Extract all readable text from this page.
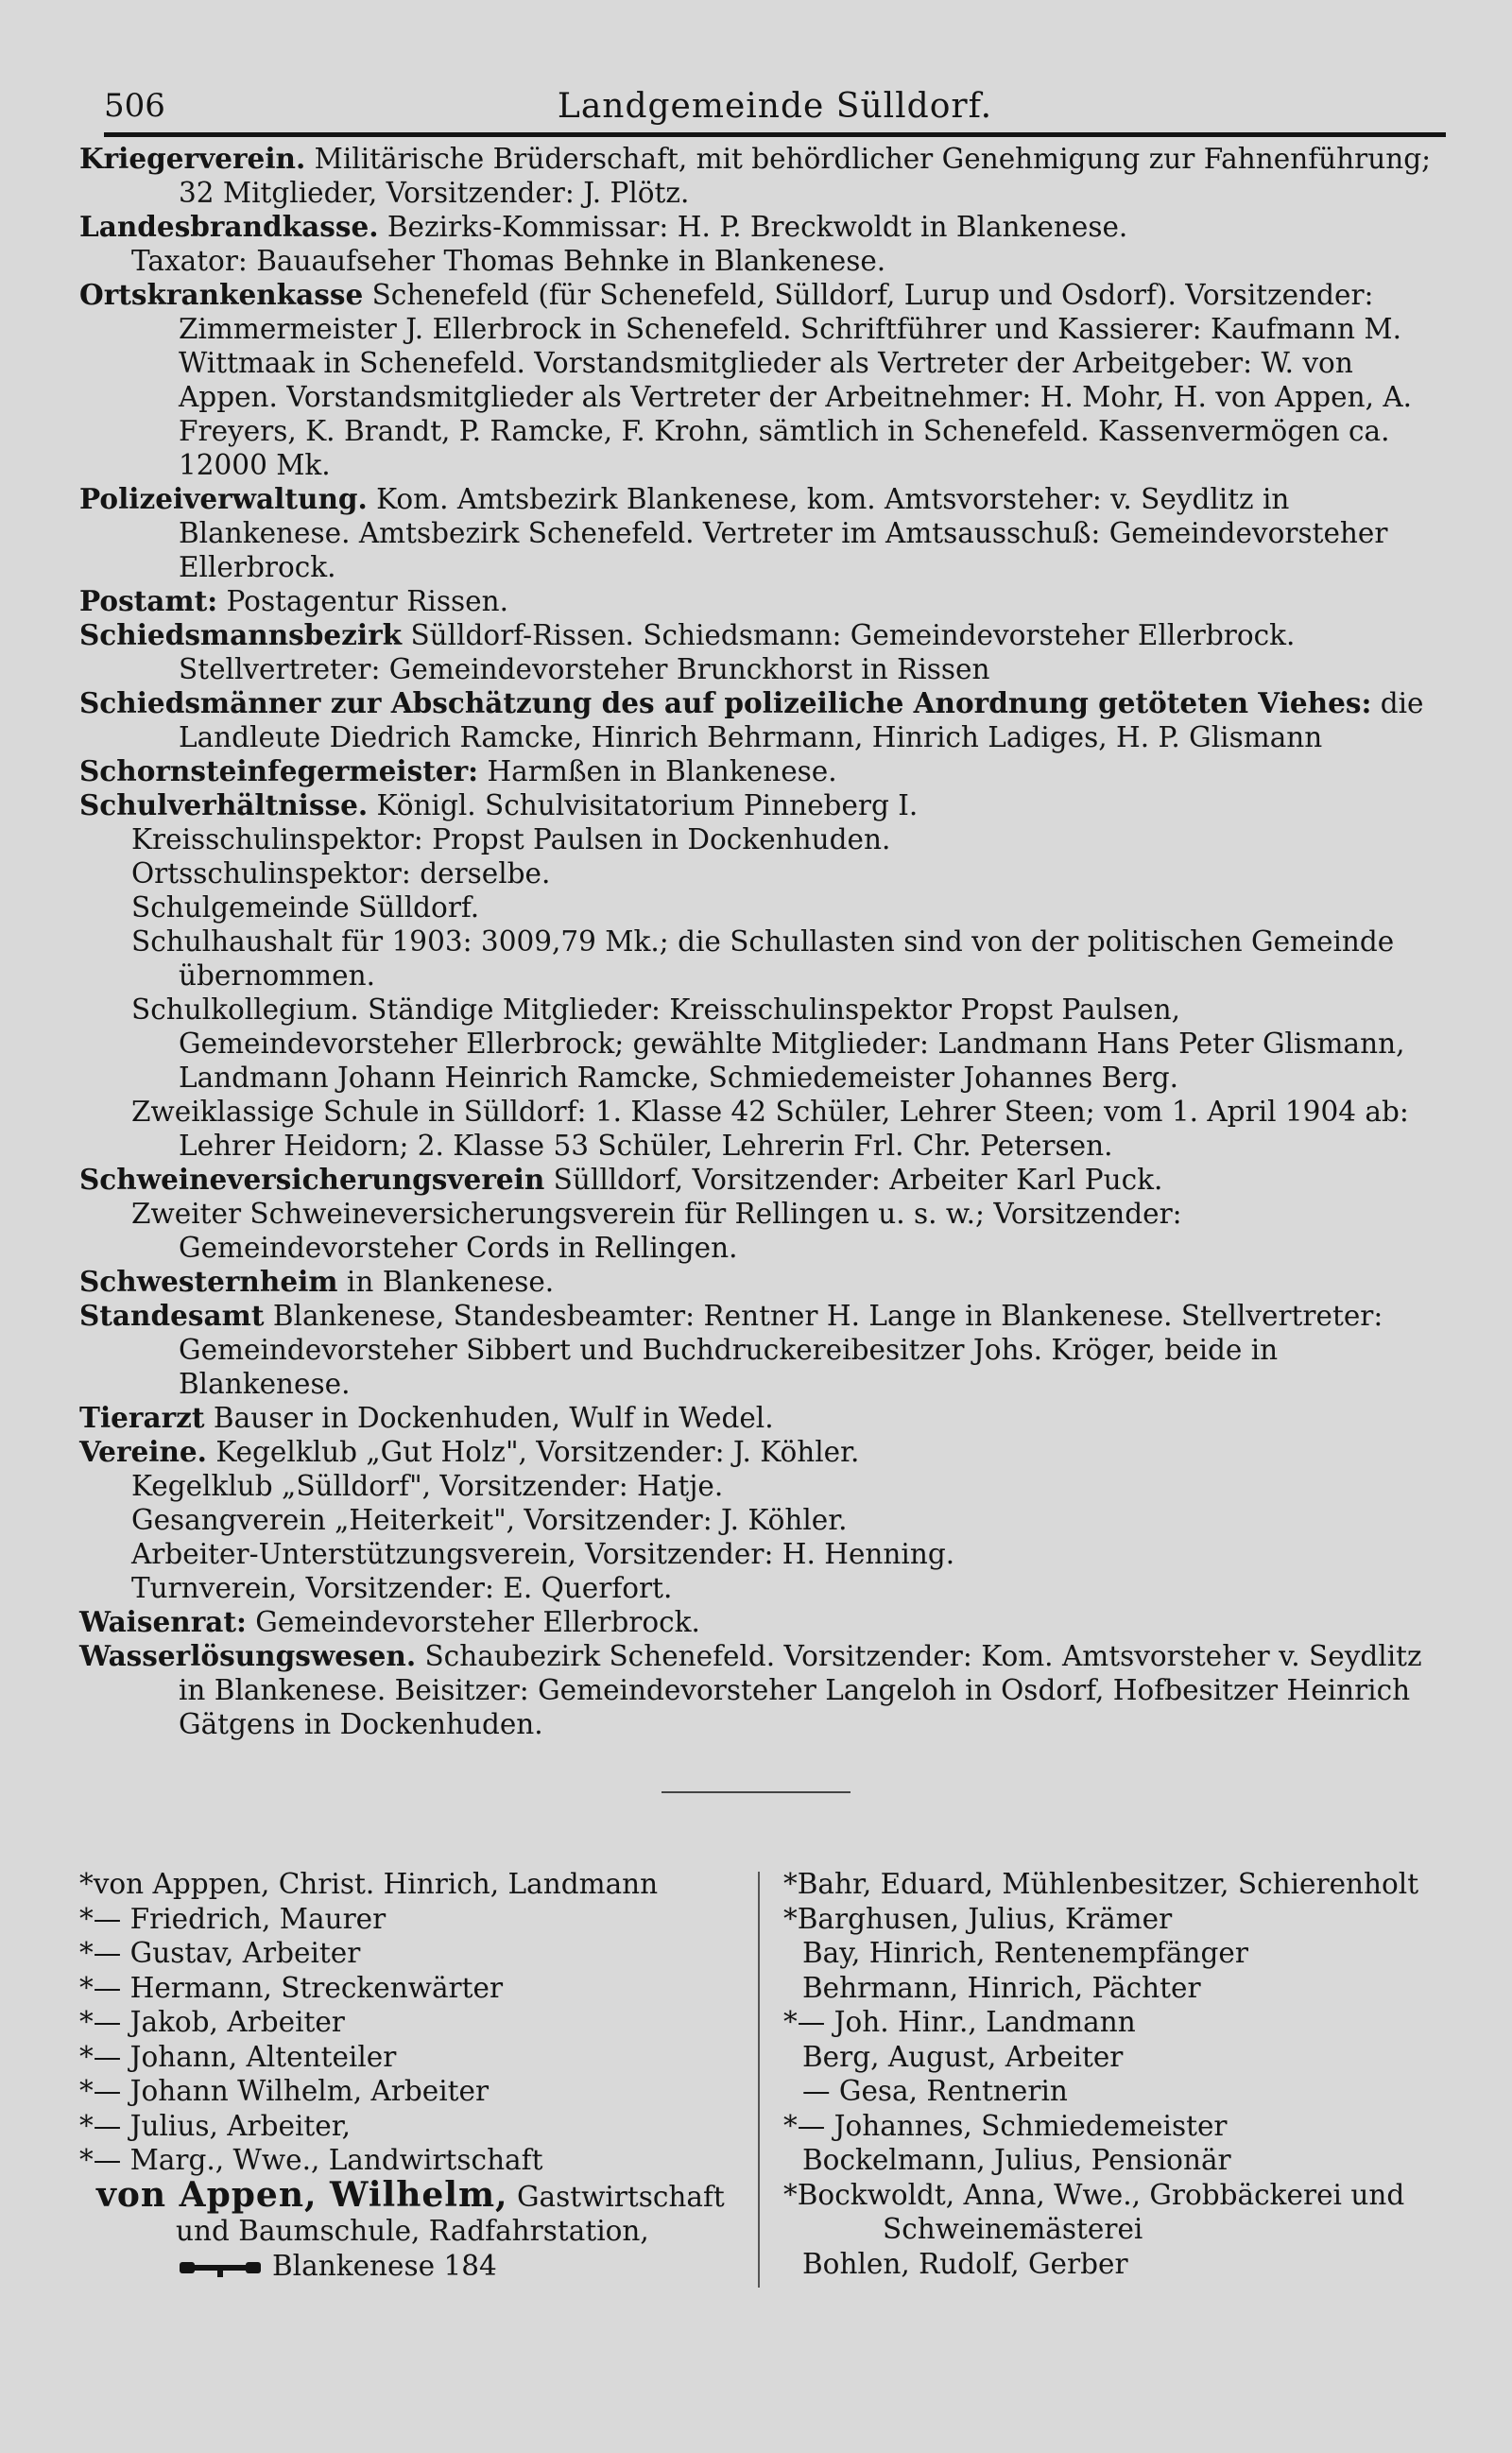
506	Landgemeinde Sülldorf.
Kriegerverein. Militärische Brüderschaft, mit behördlicher Genehmigung zur Fahnenführung; 32 Mitglieder, Vorsitzender: J. Plötz.
Landesbrandkasse. Bezirks-Kommissar: H. P. Breckwoldt in Blankenese.
Taxator: Bauaufseher Thomas Behnke in Blankenese.
Ortskrankenkasse Schenefeld (für Schenefeld, Sülldorf, Lurup und Osdorf). Vorsitzender: Zimmermeister J. Ellerbrock in Schenefeld. Schriftführer und Kassierer: Kaufmann M. Wittmaak in Schenefeld. Vorstandsmitglieder als Vertreter der Arbeitgeber: W. von Appen. Vorstandsmitglieder als Vertreter der Arbeitnehmer: H. Mohr, H. von Appen, A. Freyers, K. Brandt, P. Ramcke, F. Krohn, sämtlich in Schenefeld. Kassenvermögen ca. 12000 Mk.
Polizeiverwaltung. Kom. Amtsbezirk Blankenese, kom. Amtsvorsteher: v. Seydlitz in Blankenese. Amtsbezirk Schenefeld. Vertreter im Amtsausschuß: Gemeindevorsteher Ellerbrock.
Postamt: Postagentur Rissen.
Schiedsmannsbezirk Sülldorf-Rissen. Schiedsmann: Gemeindevorsteher Ellerbrock. Stellvertreter: Gemeindevorsteher Brunckhorst in Rissen
Schiedsmänner zur Abschätzung des auf polizeiliche Anordnung getöteten Viehes: die Landleute Diedrich Ramcke, Hinrich Behrmann, Hinrich Ladiges, H. P. Glismann
Schornsteinfegermeister: Harmßen in Blankenese.
Schulverhältnisse. Königl. Schulvisitatorium Pinneberg I.
Kreisschulinspektor: Propst Paulsen in Dockenhuden.
Ortsschulinspektor: derselbe.
Schulgemeinde Sülldorf.
Schulhaushalt für 1903: 3009,79 Mk.; die Schullasten sind von der politischen Gemeinde übernommen.
Schulkollegium. Ständige Mitglieder: Kreisschulinspektor Propst Paulsen, Gemeindevorsteher Ellerbrock; gewählte Mitglieder: Landmann Hans Peter Glismann, Landmann Johann Heinrich Ramcke, Schmiedemeister Johannes Berg.
Zweiklassige Schule in Sülldorf: 1. Klasse 42 Schüler, Lehrer Steen; vom 1. April 1904 ab: Lehrer Heidorn; 2. Klasse 53 Schüler, Lehrerin Frl. Chr. Petersen.
Schweineversicherungsverein Süllldorf, Vorsitzender: Arbeiter Karl Puck.
Zweiter Schweineversicherungsverein für Rellingen u. s. w.; Vorsitzender: Gemeindevorsteher Cords in Rellingen.
Schwesternheim in Blankenese.
Standesamt Blankenese, Standesbeamter: Rentner H. Lange in Blankenese. Stellvertreter: Gemeindevorsteher Sibbert und Buchdruckereibesitzer Johs. Kröger, beide in Blankenese.
Tierarzt Bauser in Dockenhuden, Wulf in Wedel.
Vereine. Kegelklub „Gut Holz", Vorsitzender: J. Köhler.
Kegelklub „Sülldorf", Vorsitzender: Hatje.
Gesangverein „Heiterkeit", Vorsitzender: J. Köhler.
Arbeiter-Unterstützungsverein, Vorsitzender: H. Henning.
Turnverein, Vorsitzender: E. Querfort.
Waisenrat: Gemeindevorsteher Ellerbrock.
Wasserlösungswesen. Schaubezirk Schenefeld. Vorsitzender: Kom. Amtsvorsteher v. Seydlitz in Blankenese. Beisitzer: Gemeindevorsteher Langeloh in Osdorf, Hofbesitzer Heinrich Gätgens in Dockenhuden.
*von Apppen, Christ. Hinrich, Landmann
*— Friedrich, Maurer
*— Gustav, Arbeiter
*— Hermann, Streckenwärter
*— Jakob, Arbeiter
*— Johann, Altenteiler
*— Johann Wilhelm, Arbeiter
*— Julius, Arbeiter,
*— Marg., Wwe., Landwirtschaft
von Appen, Wilhelm, Gastwirtschaft
und Baumschule, Radfahrstation,
Blankenese 184
*Bahr, Eduard, Mühlenbesitzer, Schierenholt
*Barghusen, Julius, Krämer
Bay, Hinrich, Rentenempfänger
Behrmann, Hinrich, Pächter
*— Joh. Hinr., Landmann
Berg, August, Arbeiter
— Gesa, Rentnerin
*— Johannes, Schmiedemeister
Bockelmann, Julius, Pensionär
*Bockwoldt, Anna, Wwe., Grobbäckerei und
Schweinemästerei
Bohlen, Rudolf, Gerber
